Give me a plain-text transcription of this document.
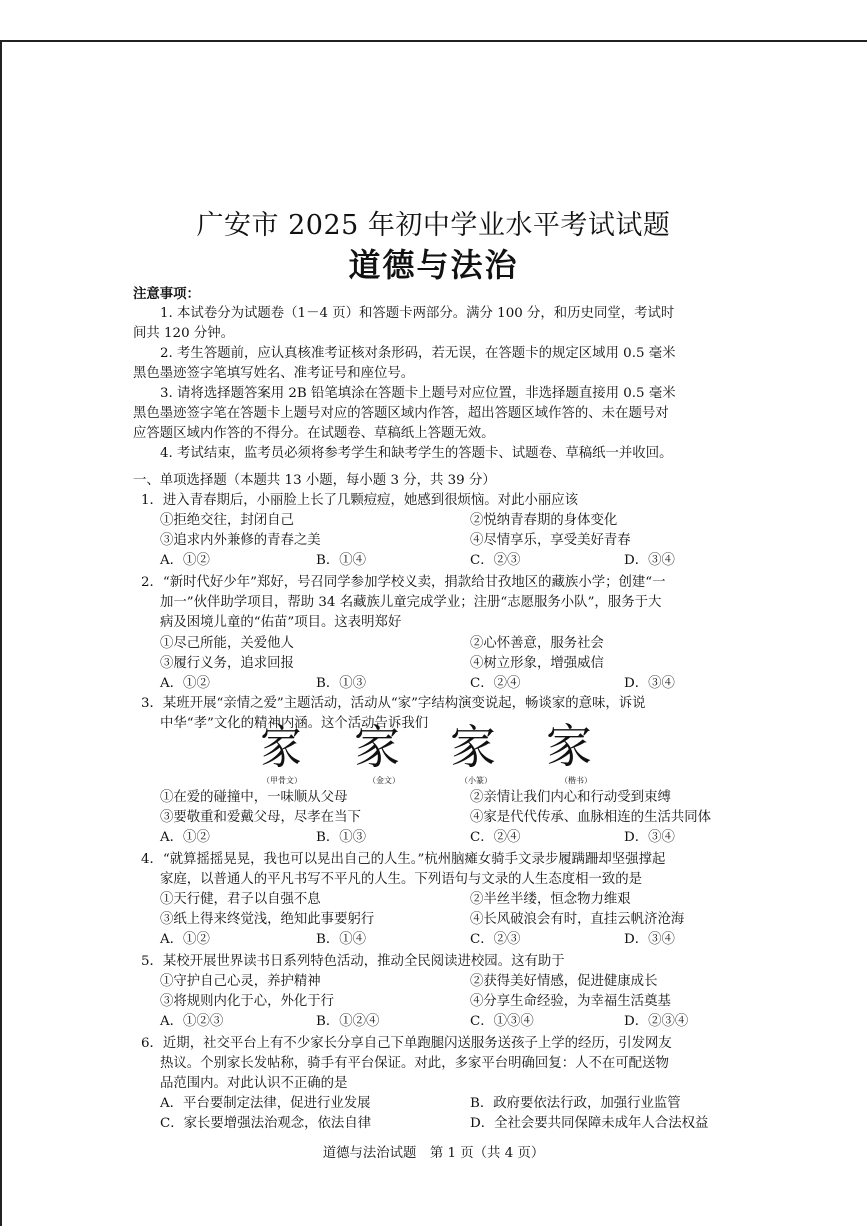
广安市 2025 年初中学业水平考试试题
道德与法治
注意事项：
1. 本试卷分为试题卷（1－4 页）和答题卡两部分。满分 100 分，和历史同堂，考试时
间共 120 分钟。
2. 考生答题前，应认真核准考证核对条形码，若无误，在答题卡的规定区域用 0.5 毫米
黑色墨迹签字笔填写姓名、准考证号和座位号。
3. 请将选择题答案用 2B 铅笔填涂在答题卡上题号对应位置，非选择题直接用 0.5 毫米
黑色墨迹签字笔在答题卡上题号对应的答题区域内作答，超出答题区域作答的、未在题号对
应答题区域内作答的不得分。在试题卷、草稿纸上答题无效。
4. 考试结束，监考员必须将参考学生和缺考学生的答题卡、试题卷、草稿纸一并收回。
一、单项选择题（本题共 13 小题，每小题 3 分，共 39 分）
1．进入青春期后，小丽脸上长了几颗痘痘，她感到很烦恼。对此小丽应该
①拒绝交往，封闭自己	②悦纳青春期的身体变化
③追求内外兼修的青春之美	④尽情享乐，享受美好青春
A．①②	B．①④	C．②③	D．③④
2．“新时代好少年”郑好，号召同学参加学校义卖，捐款给甘孜地区的藏族小学；创建“一
加一”伙伴助学项目，帮助 34 名藏族儿童完成学业；注册“志愿服务小队”，服务于大
病及困境儿童的“佑苗”项目。这表明郑好
①尽己所能，关爱他人	②心怀善意，服务社会
③履行义务，追求回报	④树立形象，增强威信
A．①②	B．①③	C．②④	D．③④
3．某班开展“亲情之爱”主题活动，活动从“家”字结构演变说起，畅谈家的意味，诉说
中华“孝”文化的精神内涵。这个活动告诉我们
家 家 家 家
（甲骨文）	（金文）	（小篆）	（楷书）
①在爱的碰撞中，一味顺从父母	②亲情让我们内心和行动受到束缚
③要敬重和爱戴父母，尽孝在当下	④家是代代传承、血脉相连的生活共同体
A．①②	B．①③	C．②④	D．③④
4．“就算摇摇晃晃，我也可以晃出自己的人生。”杭州脑瘫女骑手文录步履蹒跚却坚强撑起
家庭，以普通人的平凡书写不平凡的人生。下列语句与文录的人生态度相一致的是
①天行健，君子以自强不息	②半丝半缕，恒念物力维艰
③纸上得来终觉浅，绝知此事要躬行	④长风破浪会有时，直挂云帆济沧海
A．①②	B．①④	C．②③	D．③④
5．某校开展世界读书日系列特色活动，推动全民阅读进校园。这有助于
①守护自己心灵，养护精神	②获得美好情感，促进健康成长
③将规则内化于心，外化于行	④分享生命经验，为幸福生活奠基
A．①②③	B．①②④	C．①③④	D．②③④
6．近期，社交平台上有不少家长分享自己下单跑腿闪送服务送孩子上学的经历，引发网友
热议。个别家长发帖称，骑手有平台保证。对此，多家平台明确回复：人不在可配送物
品范围内。对此认识不正确的是
A．平台要制定法律，促进行业发展	B．政府要依法行政，加强行业监管
C．家长要增强法治观念，依法自律	D．全社会要共同保障未成年人合法权益
道德与法治试题　第 1 页（共 4 页）
